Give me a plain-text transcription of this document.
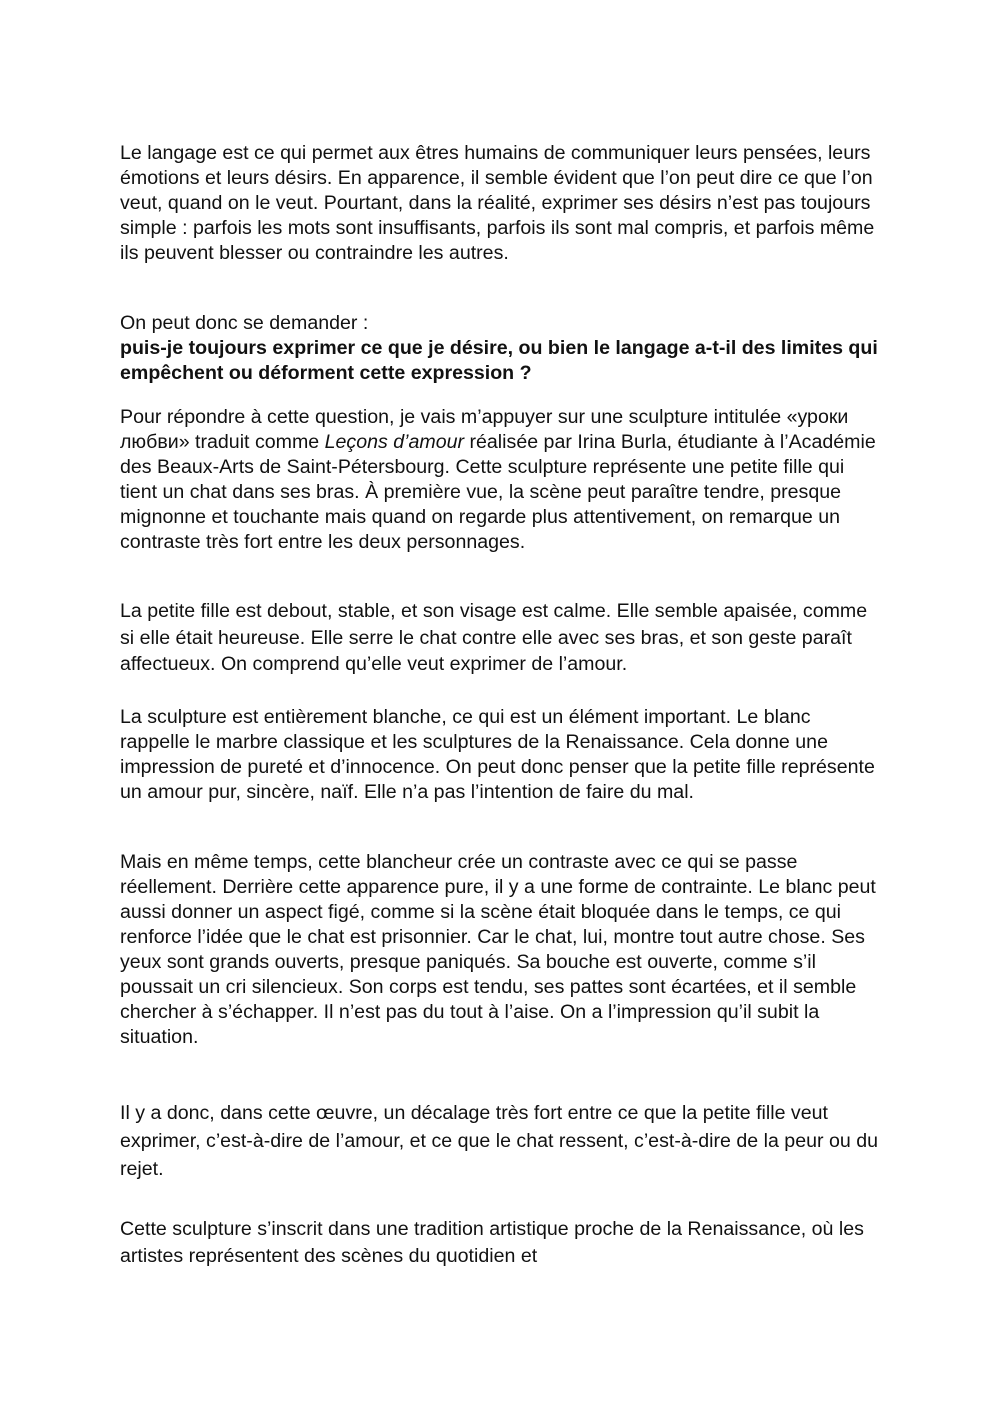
Le langage est ce qui permet aux êtres humains de communiquer leurs pensées, leurs émotions et leurs désirs. En apparence, il semble évident que l’on peut dire ce que l’on veut, quand on le veut. Pourtant, dans la réalité, exprimer ses désirs n’est pas toujours simple : parfois les mots sont insuffisants, parfois ils sont mal compris, et parfois même ils peuvent blesser ou contraindre les autres.

On peut donc se demander :
puis-je toujours exprimer ce que je désire, ou bien le langage a-t-il des limites qui empêchent ou déforment cette expression ?

Pour répondre à cette question, je vais m’appuyer sur une sculpture intitulée «уроки любви» traduit comme Leçons d’amour réalisée par Irina Burla, étudiante à l’Académie des Beaux-Arts de Saint-Pétersbourg. Cette sculpture représente une petite fille qui tient un chat dans ses bras. À première vue, la scène peut paraître tendre, presque mignonne et touchante mais quand on regarde plus attentivement, on remarque un contraste très fort entre les deux personnages.

La petite fille est debout, stable, et son visage est calme. Elle semble apaisée, comme si elle était heureuse. Elle serre le chat contre elle avec ses bras, et son geste paraît affectueux. On comprend qu’elle veut exprimer de l’amour.

La sculpture est entièrement blanche, ce qui est un élément important. Le blanc rappelle le marbre classique et les sculptures de la Renaissance. Cela donne une impression de pureté et d’innocence. On peut donc penser que la petite fille représente un amour pur, sincère, naïf. Elle n’a pas l’intention de faire du mal.

Mais en même temps, cette blancheur crée un contraste avec ce qui se passe réellement. Derrière cette apparence pure, il y a une forme de contrainte. Le blanc peut aussi donner un aspect figé, comme si la scène était bloquée dans le temps, ce qui renforce l’idée que le chat est prisonnier. Car le chat, lui, montre tout autre chose. Ses yeux sont grands ouverts, presque paniqués. Sa bouche est ouverte, comme s’il poussait un cri silencieux. Son corps est tendu, ses pattes sont écartées, et il semble chercher à s’échapper. Il n’est pas du tout à l’aise. On a l’impression qu’il subit la situation.

Il y a donc, dans cette œuvre, un décalage très fort entre ce que la petite fille veut exprimer, c’est-à-dire de l’amour, et ce que le chat ressent, c’est-à-dire de la peur ou du rejet.

Cette sculpture s’inscrit dans une tradition artistique proche de la Renaissance, où les artistes représentent des scènes du quotidien et
